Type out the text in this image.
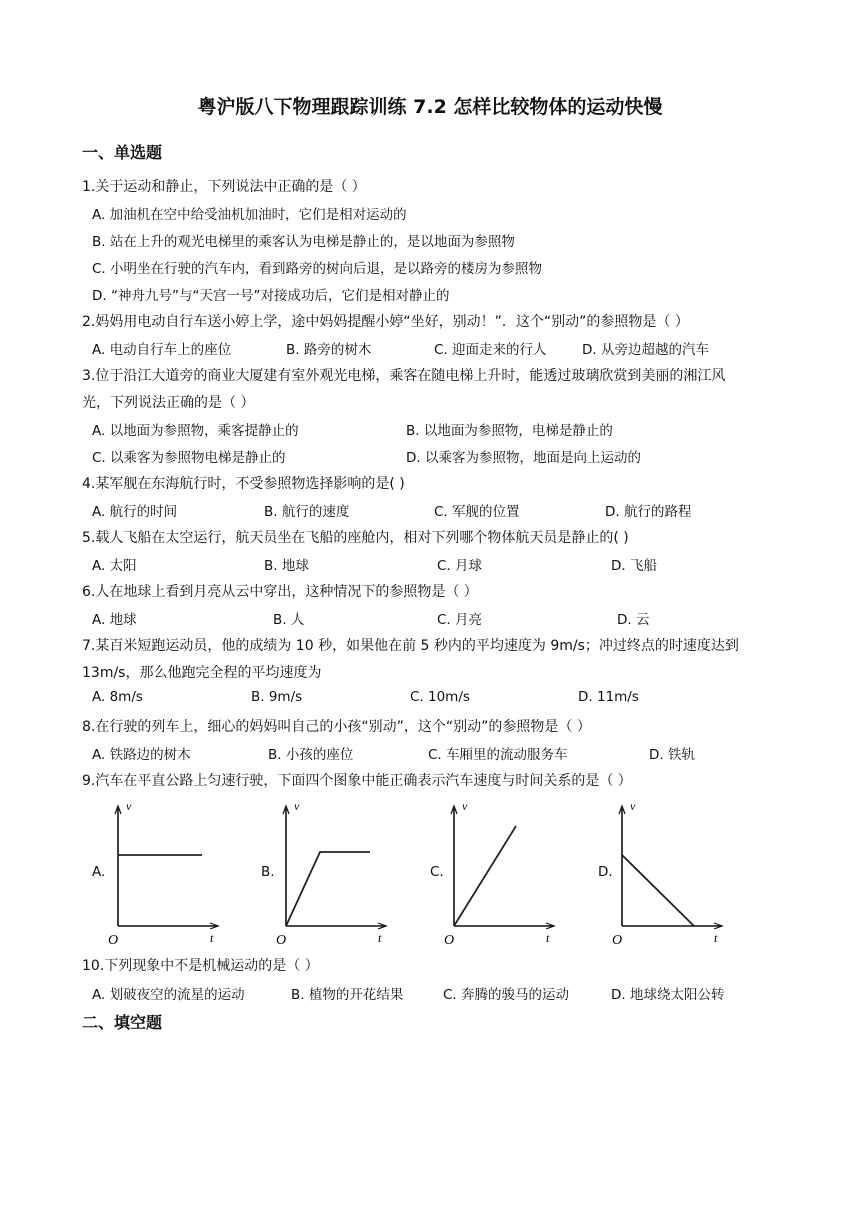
粤沪版八下物理跟踪训练 7.2 怎样比较物体的运动快慢
一、单选题
1.关于运动和静止，下列说法中正确的是（ ）
A. 加油机在空中给受油机加油时，它们是相对运动的
B. 站在上升的观光电梯里的乘客认为电梯是静止的，是以地面为参照物
C. 小明坐在行驶的汽车内，看到路旁的树向后退，是以路旁的楼房为参照物
D. “神舟九号”与“天宫一号”对接成功后，它们是相对静止的
2.妈妈用电动自行车送小婷上学，途中妈妈提醒小婷“坐好，别动！”．这个“别动”的参照物是（ ）
A. 电动自行车上的座位	B. 路旁的树木	C. 迎面走来的行人	D. 从旁边超越的汽车
3.位于沿江大道旁的商业大厦建有室外观光电梯，乘客在随电梯上升时，能透过玻璃欣赏到美丽的湘江风
光，下列说法正确的是（ ）
A. 以地面为参照物，乘客提静止的	B. 以地面为参照物，电梯是静止的
C. 以乘客为参照物电梯是静止的	D. 以乘客为参照物，地面是向上运动的
4.某军舰在东海航行时，不受参照物选择影响的是( )
A. 航行的时间	B. 航行的速度	C. 军舰的位置	D. 航行的路程
5.载人飞船在太空运行，航天员坐在飞船的座舱内，相对下列哪个物体航天员是静止的( )
A. 太阳	B. 地球	C. 月球	D. 飞船
6.人在地球上看到月亮从云中穿出，这种情况下的参照物是（ ）
A. 地球	B. 人	C. 月亮	D. 云
7.某百米短跑运动员，他的成绩为 10 秒，如果他在前 5 秒内的平均速度为 9m/s；冲过终点的时速度达到
13m/s，那么他跑完全程的平均速度为
A. 8m/s	B. 9m/s	C. 10m/s	D. 11m/s
8.在行驶的列车上，细心的妈妈叫自己的小孩“别动”，这个“别动”的参照物是（ ）
A. 铁路边的树木	B. 小孩的座位	C. 车厢里的流动服务车	D. 铁轨
9.汽车在平直公路上匀速行驶，下面四个图象中能正确表示汽车速度与时间关系的是（ ）
A.
v
t
O
B.
v
t
O
C.
v
t
O
D.
v
t
O
10.下列现象中不是机械运动的是（ ）
A. 划破夜空的流星的运动	B. 植物的开花结果	C. 奔腾的骏马的运动	D. 地球绕太阳公转
二、填空题
